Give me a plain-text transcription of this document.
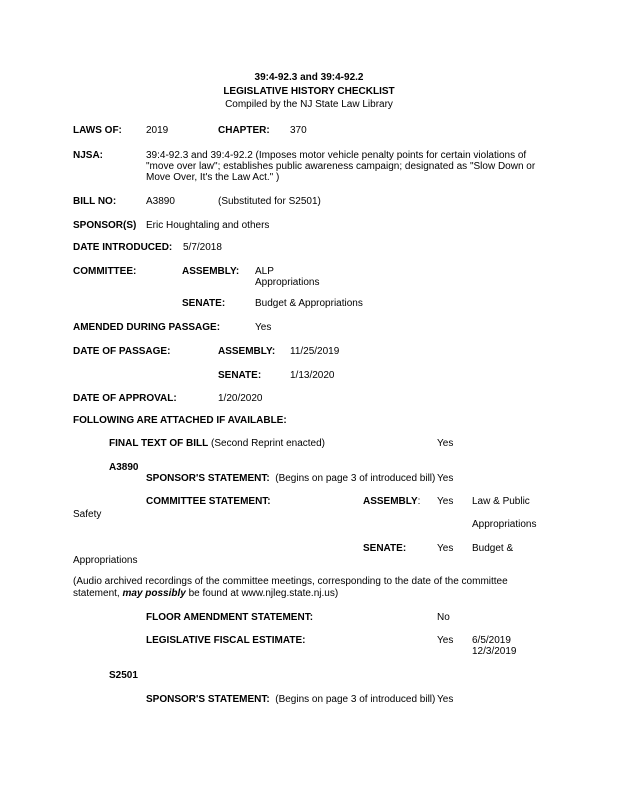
39:4-92.3 and 39:4-92.2
LEGISLATIVE HISTORY CHECKLIST
Compiled by the NJ State Law Library
LAWS OF: 2019	CHAPTER: 370
NJSA:	39:4-92.3 and 39:4-92.2 (Imposes motor vehicle penalty points for certain violations of
"move over law"; establishes public awareness campaign; designated as "Slow Down or
Move Over, It's the Law Act." )
BILL NO:	A3890	(Substituted for S2501)
SPONSOR(S) Eric Houghtaling and others
DATE INTRODUCED: 5/7/2018
COMMITTEE:	ASSEMBLY: ALP
Appropriations
SENATE:	Budget & Appropriations
AMENDED DURING PASSAGE:	Yes
DATE OF PASSAGE:	ASSEMBLY: 11/25/2019
SENATE:	1/13/2020
DATE OF APPROVAL:	1/20/2020
FOLLOWING ARE ATTACHED IF AVAILABLE:
FINAL TEXT OF BILL (Second Reprint enacted)	Yes
A3890
SPONSOR'S STATEMENT: (Begins on page 3 of introduced bill) Yes
COMMITTEE STATEMENT:	ASSEMBLY: Yes Law & Public
Safety
Appropriations
SENATE:	Yes Budget &
Appropriations
(Audio archived recordings of the committee meetings, corresponding to the date of the committee
statement, may possibly be found at www.njleg.state.nj.us)
FLOOR AMENDMENT STATEMENT:	No
LEGISLATIVE FISCAL ESTIMATE:	Yes 6/5/2019
12/3/2019
S2501
SPONSOR'S STATEMENT: (Begins on page 3 of introduced bill) Yes
